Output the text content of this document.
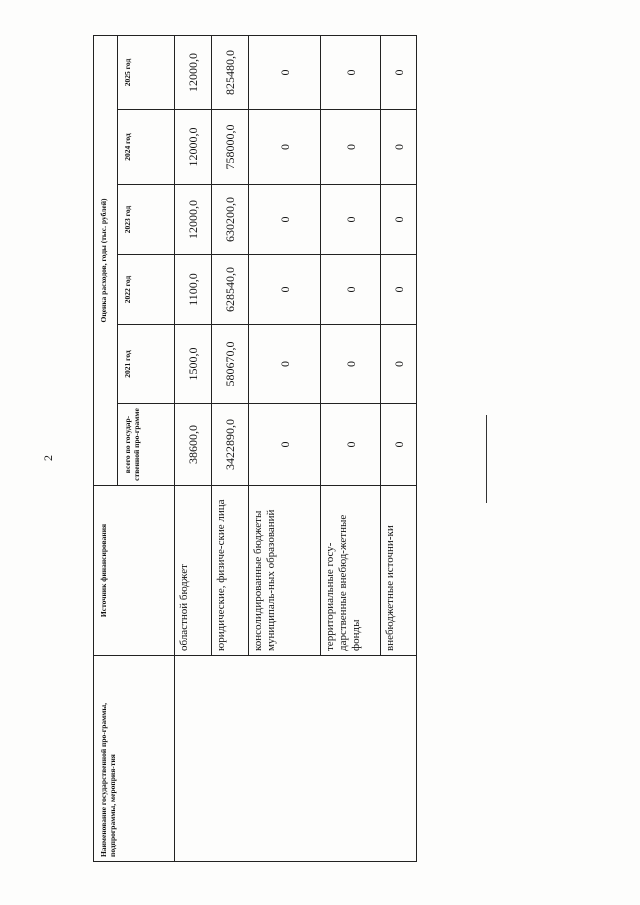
2
Наименование государственной про-граммы, подпрограммы, мероприя-тия	Источник финансирования	Оценка расходов, годы (тыс. рублей)					
		всего по государ-ственной про-грамме	2021 год	2022 год	2023 год	2024 год	2025 год
	областной бюджет	38600,0	1500,0	1100,0	12000,0	12000,0	12000,0
	юридические, физиче-ские лица	3422890,0	580670,0	628540,0	630200,0	758000,0	825480,0
	консолидированные бюджеты муниципаль-ных образований	0	0	0	0	0	0
	территориальные госу-дарственные внебюд-жетные фонды	0	0	0	0	0	0
	внебюджетные источни-ки	0	0	0	0	0	0
